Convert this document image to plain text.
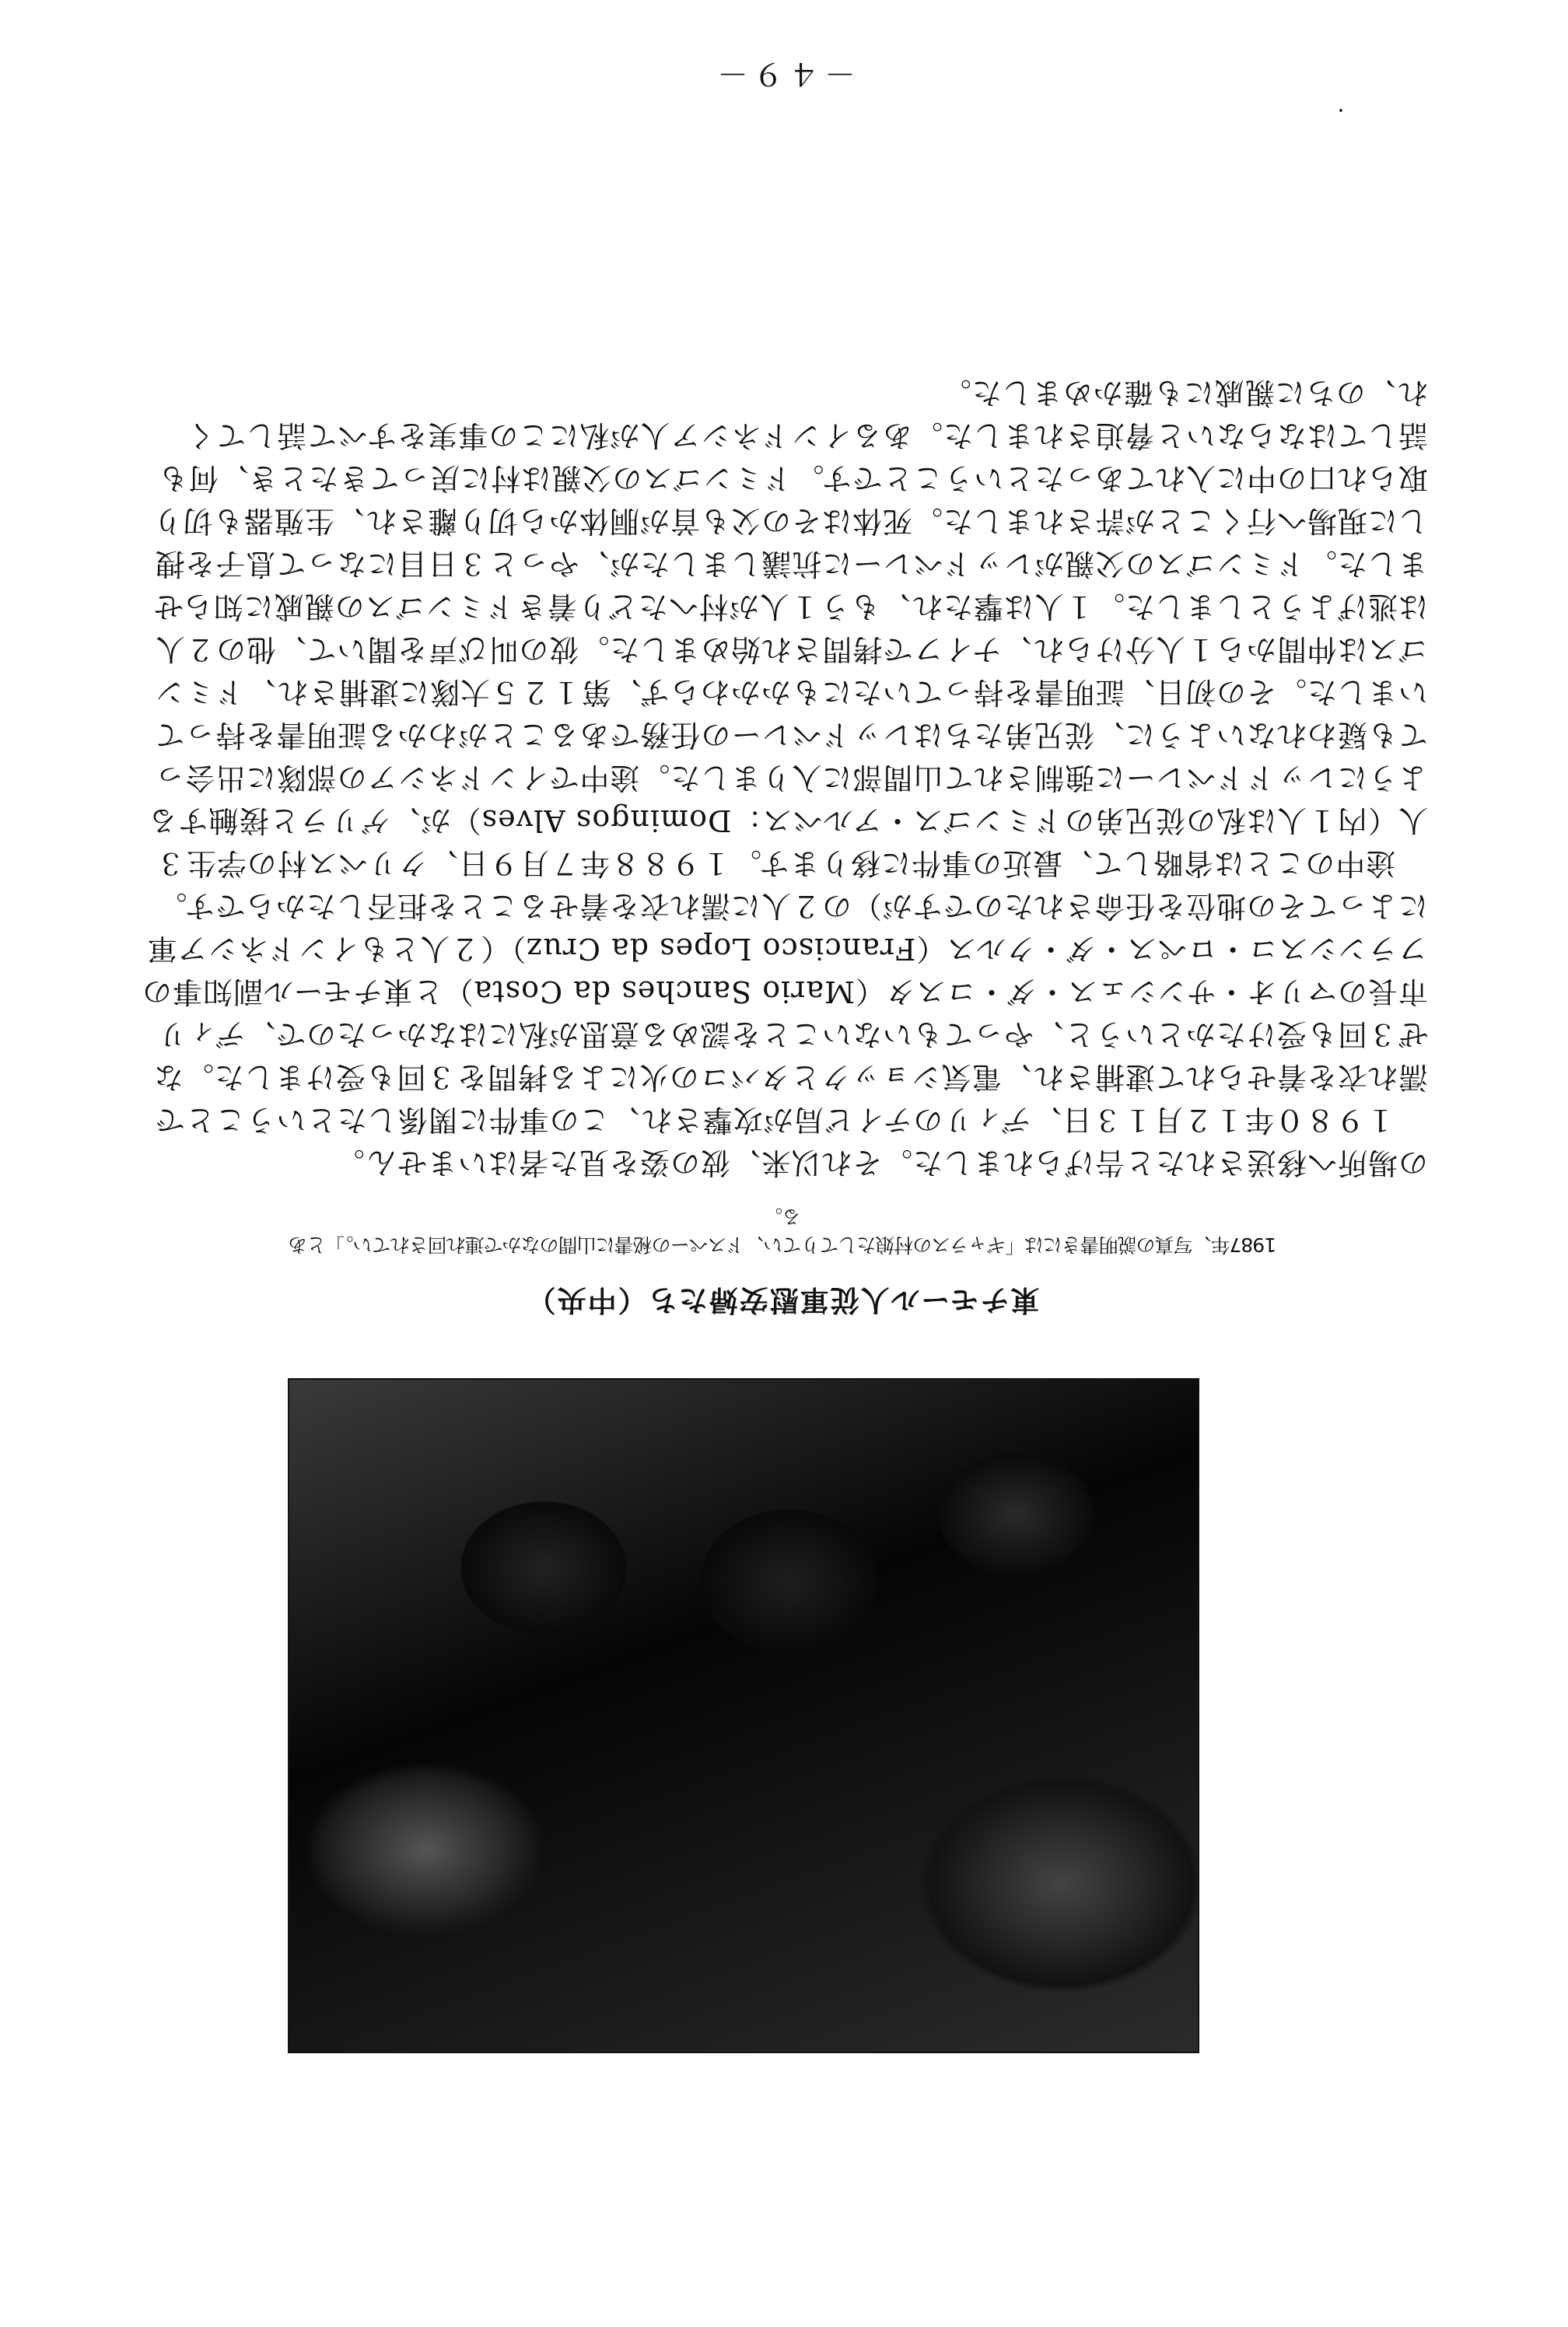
東チモール人従軍慰安婦たち（中央）
1987年、写真の説明書きには「ギャラスの村娘たしてりてい、ドスペーの秘書に山間のなかで連れ回されてい。」とある。

の場所へ移送されたと告げられました。それ以来、彼の姿を見た者はいません。

１９８０年１２月１３日、ディリのテイビ局が攻撃され、この事件に関係したということで濡れ衣を着せられて逮捕され、電気ショックとタバコの火による拷問を３回も受けました。なぜ３回も受けたかというと、やってもいないことを認める意思が私にはなかったので、ディリ市長のマリオ・サンシェス・ダ・コスタ（Mario Sanches da Costa）と東チモール副知事のフランシスコ・ロペス・ダ・クルス（Francisco Lopes da Cruz）（２人ともインドネシア軍によってその地位を任命されたのですが）の２人に濡れ衣を着せることを拒否したからです。

途中のことは省略して、最近の事件に移ります。１９８８年７月９日、クリベス村の学生３人（内１人は私の従兄弟のドミンゴス・アルベス：Domingos Alves）が、ゲリラと接触するようにレッドドベレーに強制されて山間部に入りました。途中でインドネシアの部隊に出会っても疑われないように、従兄弟たちはレッドベレーの任務であることがわかる証明書を持っていました。その初日、証明書を持っていたにもかかわらず、第１２５大隊に逮捕され、ドミンゴスは仲間から１人分けられ、ナイフで拷問され始めました。彼の叫び声を聞いて、他の２人は逃げようとしました。１人は撃たれ、もう１人が村へたどり着きドミンゴスの親戚に知らせました。ドミンゴスの父親がレッドベレーに抗議しましたが、やっと３日目になって息子を捜しに現場へ行くことが許されました。死体はその父も首が胴体から切り離され、生殖器も切り取られ口の中に入れてあったということです。ドミンゴスの父親は村に戻ってきたとき、何も話してはならないと脅迫されました。あるインドネシア人が私にこの事実をすべて話してくれ、のちに親戚にも確かめました。

－４９－
